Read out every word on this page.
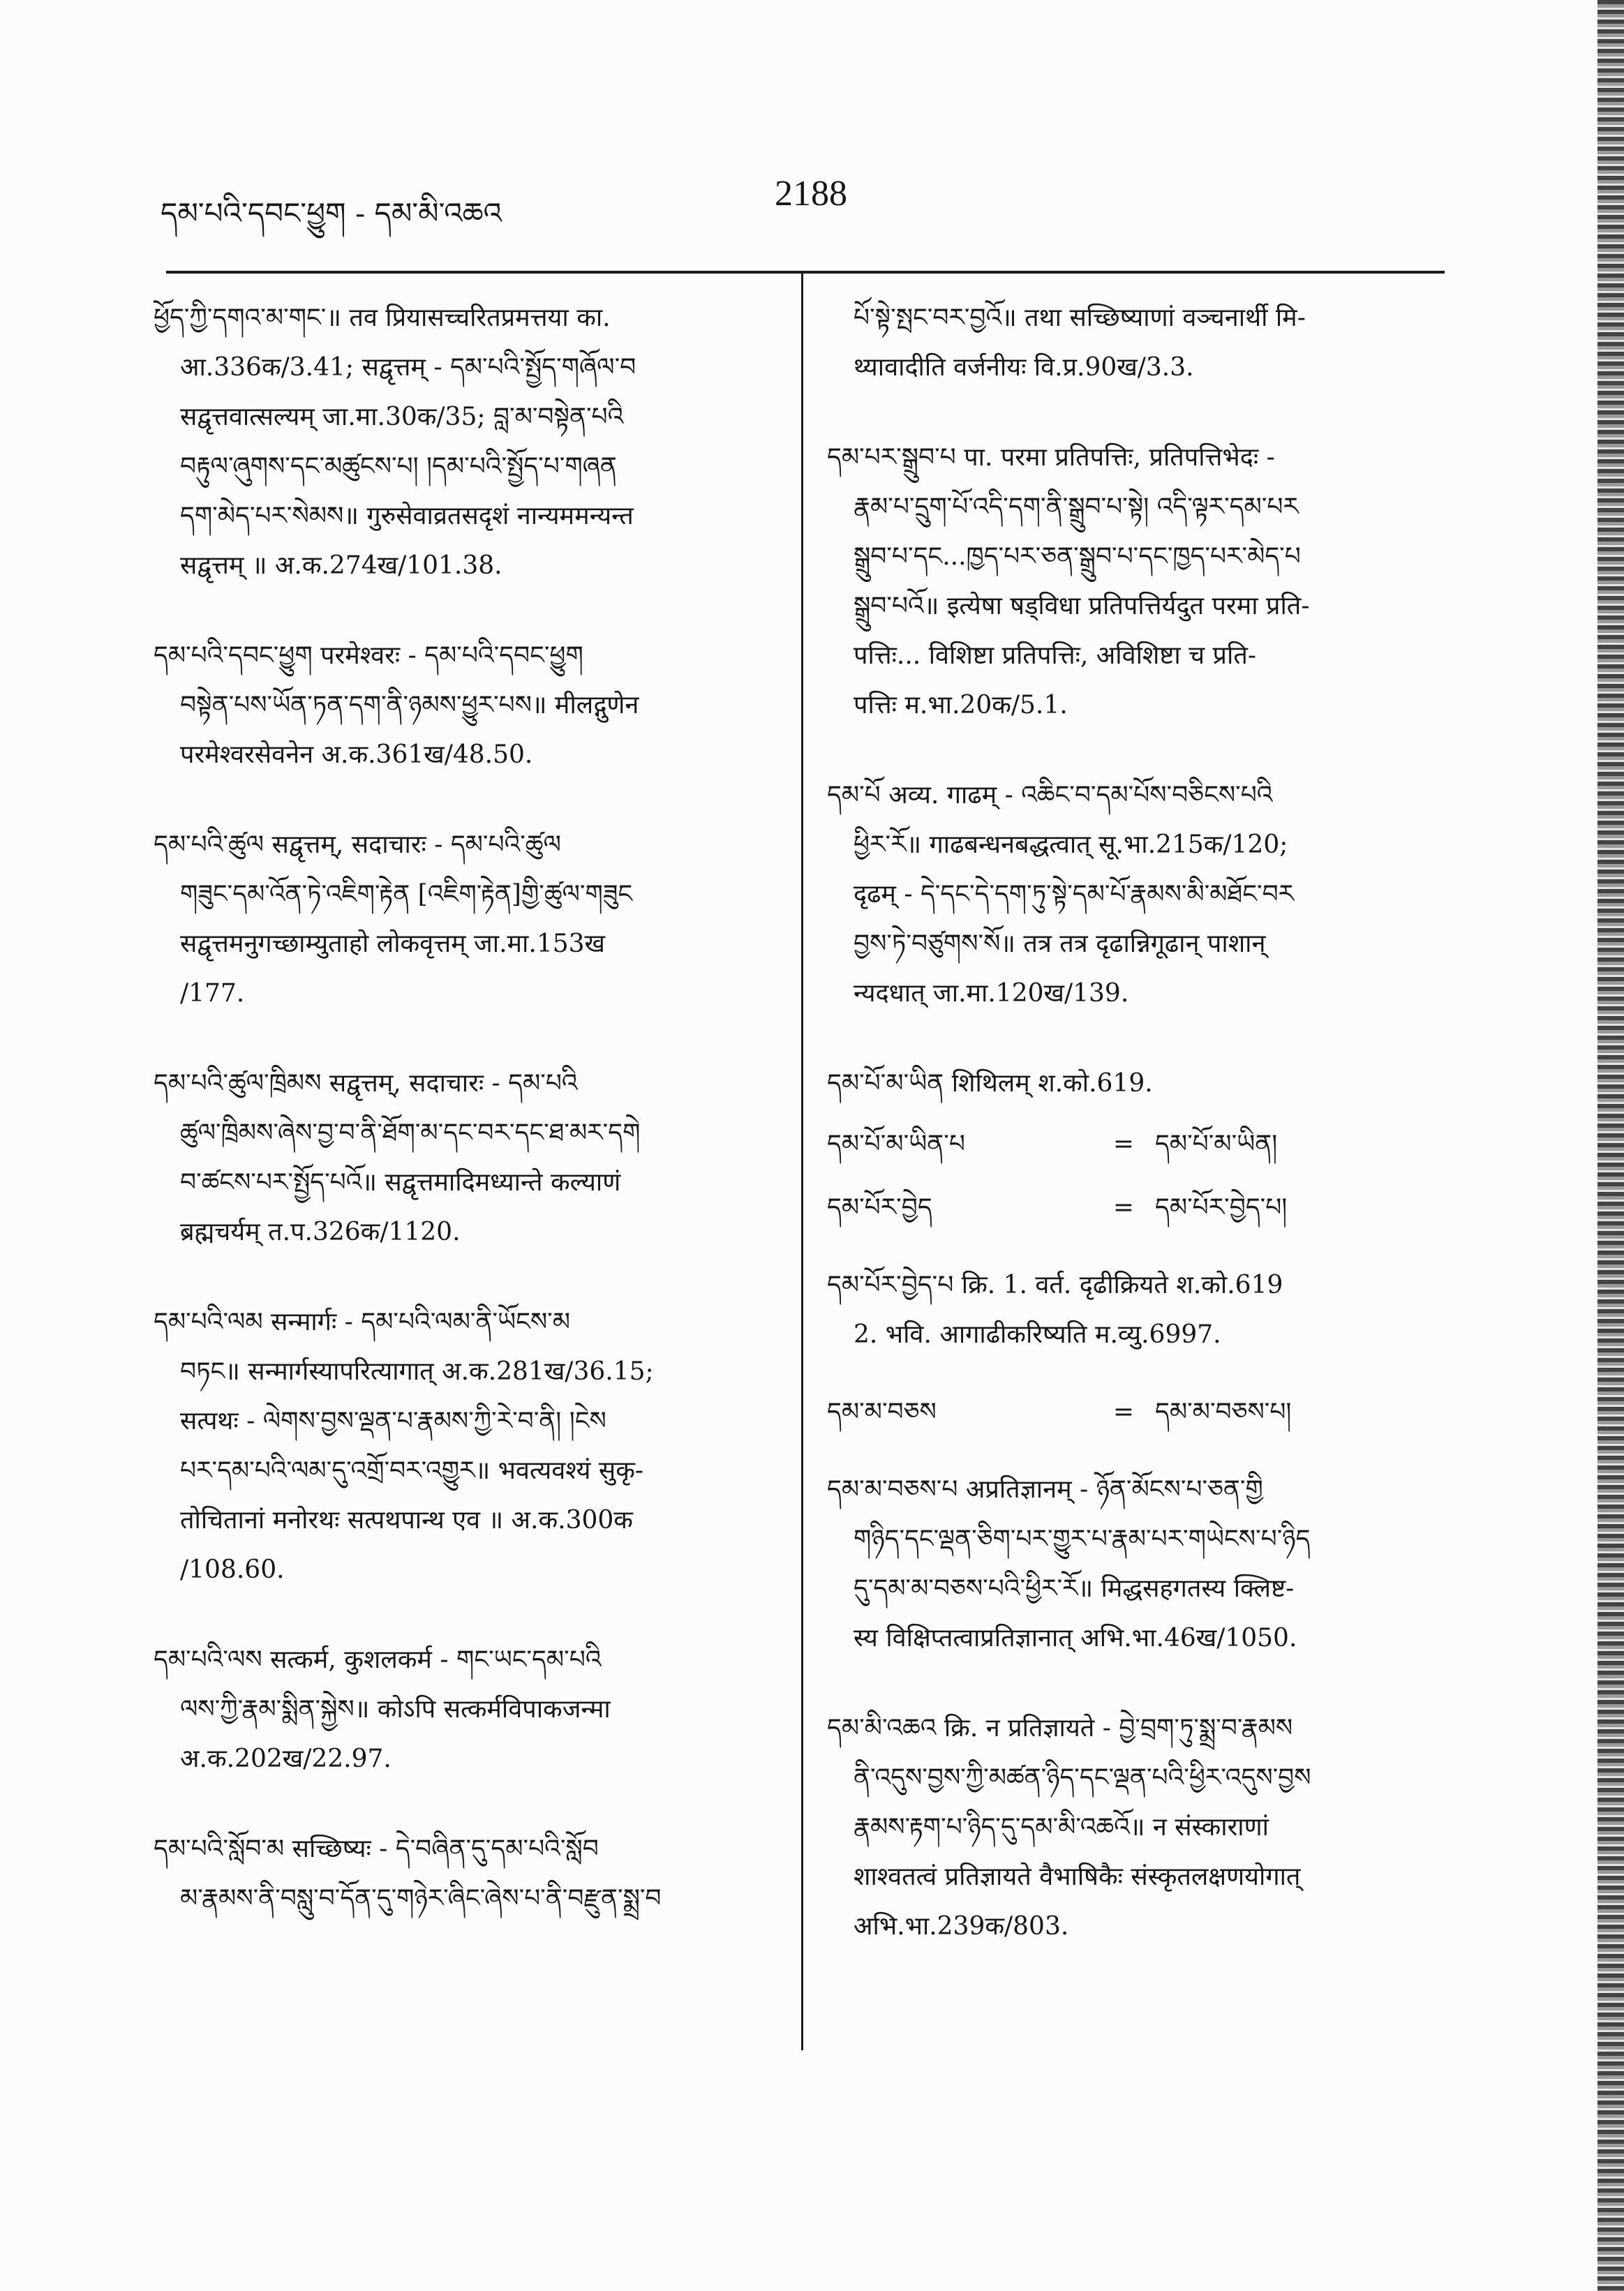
དམ་པའི་དབང་ཕྱུག - དམ་མི་འཆའ	2188

ཕྱོད་ཀྱི་དགའ་མ་གང་॥ तव प्रियासच्चरितप्रमत्तया का.

आ.336क/3.41; सद्वृत्तम् - དམ་པའི་སྤྱོད་གཞོལ་བ

सद्वृत्तवात्सल्यम् जा.मा.30क/35; བླ་མ་བསྟེན་པའི

བརྟུལ་ཞུགས་དང་མཚུངས་པ། །དམ་པའི་སྤྱོད་པ་གཞན

དག་མེད་པར་སེམས॥ गुरुसेवाव्रतसदृशं नान्यममन्यन्त

सद्वृत्तम् ॥ अ.क.274ख/101.38.

དམ་པའི་དབང་ཕྱུག परमेश्वरः - དམ་པའི་དབང་ཕྱུག

བསྟེན་པས་ཡོན་ཏན་དག་ནི་ཉམས་ཕྱུར་པས॥ मीलद्गुणेन

परमेश्वरसेवनेन अ.क.361ख/48.50.

དམ་པའི་ཚུལ सद्वृत्तम्, सदाचारः - དམ་པའི་ཚུལ

གཟུང་དམ་འོན་ཏེ་འཇིག་རྟེན [འཇིག་རྟེན]གྱི་ཚུལ་གཟུང

सद्वृत्तमनुगच्छाम्युताहो लोकवृत्तम् जा.मा.153ख

/177.

དམ་པའི་ཚུལ་ཁྲིམས सद्वृत्तम्, सदाचारः - དམ་པའི

ཚུལ་ཁྲིམས་ཞེས་བྱ་བ་ནི་ཐོག་མ་དང་བར་དང་ཐ་མར་དགེ

བ་ཚངས་པར་སྤྱོད་པའོ॥ सद्वृत्तमादिमध्यान्ते कल्याणं

ब्रह्मचर्यम् त.प.326क/1120.

དམ་པའི་ལམ सन्मार्गः - དམ་པའི་ལམ་ནི་ཡོངས་མ

བཏང॥ सन्मार्गस्यापरित्यागात् अ.क.281ख/36.15;

सत्पथः - ལེགས་བྱས་ལྡན་པ་རྣམས་ཀྱི་རེ་བ་ནི། །ངེས

པར་དམ་པའི་ལམ་དུ་འགྲོ་བར་འགྱུར॥ भवत्यवश्यं सुकृ-

तोचितानां मनोरथः सत्पथपान्थ एव ॥ अ.क.300क

/108.60.

དམ་པའི་ལས सत्कर्म, कुशलकर्म - གང་ཡང་དམ་པའི

ལས་ཀྱི་རྣམ་སྨིན་སྐྱེས॥ कोऽपि सत्कर्मविपाकजन्मा

अ.क.202ख/22.97.

དམ་པའི་སློབ་མ सच्छिष्यः - དེ་བཞིན་དུ་དམ་པའི་སློབ

མ་རྣམས་ནི་བསླུ་བ་དོན་དུ་གཉེར་ཞིང་ཞེས་པ་ནི་བརྫུན་སྨྲ་བ

པོ་སྟེ་སྤང་བར་བྱའོ॥ तथा सच्छिष्याणां वञ्चनार्थी मि-

थ्यावादीति वर्जनीयः वि.प्र.90ख/3.3.

དམ་པར་སྒྲུབ་པ पा. परमा प्रतिपत्तिः, प्रतिपत्तिभेदः -

རྣམ་པ་དྲུག་པོ་འདི་དག་ནི་སྒྲུབ་པ་སྟེ། འདི་ལྟར་དམ་པར

སྒྲུབ་པ་དང...ཁྱད་པར་ཅན་སྒྲུབ་པ་དང་ཁྱད་པར་མེད་པ

སྒྲུབ་པའོ॥ इत्येषा षड्विधा प्रतिपत्तिर्यदुत परमा प्रति-

पत्तिः... विशिष्टा प्रतिपत्तिः, अविशिष्टा च प्रति-

पत्तिः म.भा.20क/5.1.

དམ་པོ अव्य. गाढम् - འཆིང་བ་དམ་པོས་བཅིངས་པའི

ཕྱིར་རོ॥ गाढबन्धनबद्धत्वात् सू.भा.215क/120;

दृढम् - དེ་དང་དེ་དག་ཏུ་སྟེ་དམ་པོ་རྣམས་མི་མཐོང་བར

བྱས་ཏེ་བཙུགས་སོ॥ तत्र तत्र दृढान्निगूढान् पाशान्

न्यदधात् जा.मा.120ख/139.

དམ་པོ་མ་ཡིན शिथिलम् श.को.619.

དམ་པོ་མ་ཡིན་པ	= དམ་པོ་མ་ཡིན།
དམ་པོར་བྱེད	= དམ་པོར་བྱེད་པ།

དམ་པོར་བྱེད་པ क्रि. 1. वर्त. दृढीक्रियते श.को.619

2. भवि. आगाढीकरिष्यति म.व्यु.6997.

དམ་མ་བཅས	= དམ་མ་བཅས་པ།

དམ་མ་བཅས་པ अप्रतिज्ञानम् - ཉོན་མོངས་པ་ཅན་གྱི

གཉིད་དང་ལྡན་ཅིག་པར་གྱུར་པ་རྣམ་པར་གཡེངས་པ་ཉིད

དུ་དམ་མ་བཅས་པའི་ཕྱིར་རོ॥ मिद्धसहगतस्य क्लिष्ट-

स्य विक्षिप्तत्वाप्रतिज्ञानात् अभि.भा.46ख/1050.

དམ་མི་འཆའ क्रि. न प्रतिज्ञायते - བྱེ་བྲག་ཏུ་སྨྲ་བ་རྣམས

ནི་འདུས་བྱས་ཀྱི་མཚན་ཉིད་དང་ལྡན་པའི་ཕྱིར་འདུས་བྱས

རྣམས་རྟག་པ་ཉིད་དུ་དམ་མི་འཆའོ॥ न संस्काराणां

शाश्वतत्वं प्रतिज्ञायते वैभाषिकैः संस्कृतलक्षणयोगात्

अभि.भा.239क/803.
